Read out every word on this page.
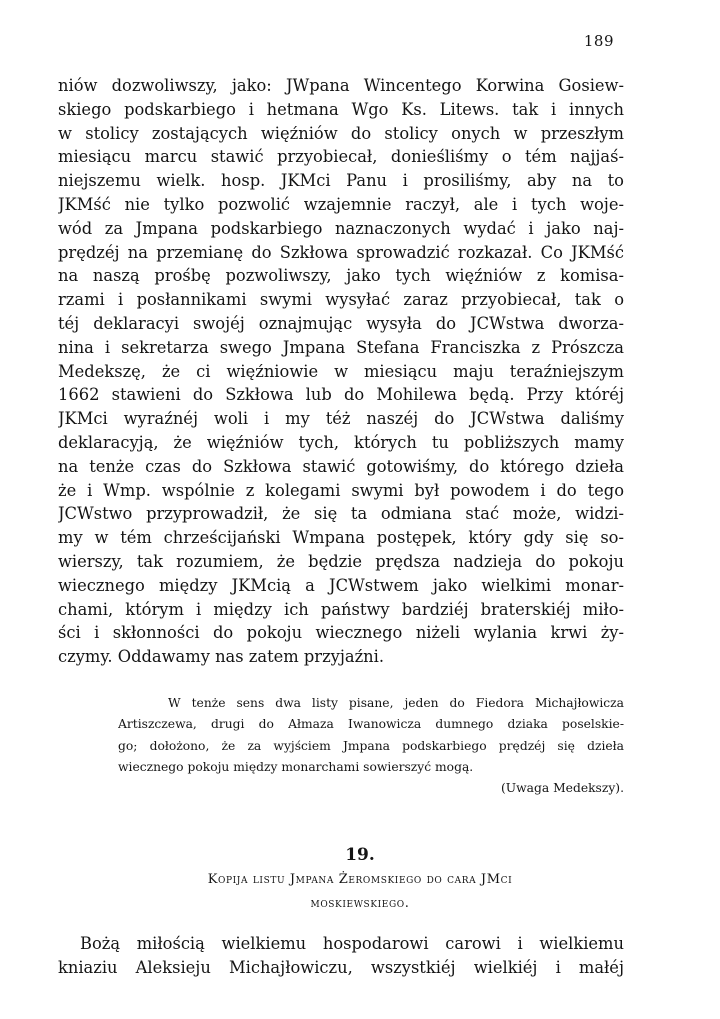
189
niów dozwoliwszy, jako: JWpana Wincentego Korwina Gosiew-
skiego podskarbiego i hetmana Wgo Ks. Litews. tak i innych
w stolicy zostających więźniów do stolicy onych w przeszłym
miesiącu marcu stawić przyobiecał, donieśliśmy o tém najjaś-
niejszemu wielk. hosp. JKMci Panu i prosiliśmy, aby na to
JKMść nie tylko pozwolić wzajemnie raczył, ale i tych woje-
wód za Jmpana podskarbiego naznaczonych wydać i jako naj-
prędzéj na przemianę do Szkłowa sprowadzić rozkazał. Co JKMść
na naszą prośbę pozwoliwszy, jako tych więźniów z komisa-
rzami i posłannikami swymi wysyłać zaraz przyobiecał, tak o
téj deklaracyi swojéj oznajmując wysyła do JCWstwa dworza-
nina i sekretarza swego Jmpana Stefana Franciszka z Prószcza
Medekszę, że ci więźniowie w miesiącu maju teraźniejszym
1662 stawieni do Szkłowa lub do Mohilewa będą. Przy któréj
JKMci wyraźnéj woli i my téż naszéj do JCWstwa daliśmy
deklaracyją, że więźniów tych, których tu pobliższych mamy
na tenże czas do Szkłowa stawić gotowiśmy, do którego dzieła
że i Wmp. wspólnie z kolegami swymi był powodem i do tego
JCWstwo przyprowadził, że się ta odmiana stać może, widzi-
my w tém chrześcijański Wmpana postępek, który gdy się so-
wierszy, tak rozumiem, że będzie prędsza nadzieja do pokoju
wiecznego między JKMcią a JCWstwem jako wielkimi monar-
chami, którym i między ich państwy bardziéj braterskiéj miło-
ści i skłonności do pokoju wiecznego niżeli wylania krwi ży-
czymy. Oddawamy nas zatem przyjaźni.
W tenże sens dwa listy pisane, jeden do Fiedora Michajłowicza
Artiszczewa, drugi do Ałmaza Iwanowicza dumnego dziaka poselskie-
go; dołożono, że za wyjściem Jmpana podskarbiego prędzéj się dzieła
wiecznego pokoju między monarchami sowierszyć mogą.
(Uwaga Medekszy).
19.
Kopija listu Jmpana Żeromskiego do cara JMci
moskiewskiego.
Bożą miłością wielkiemu hospodarowi carowi i wielkiemu
kniaziu Aleksieju Michajłowiczu, wszystkiéj wielkiéj i małéj
